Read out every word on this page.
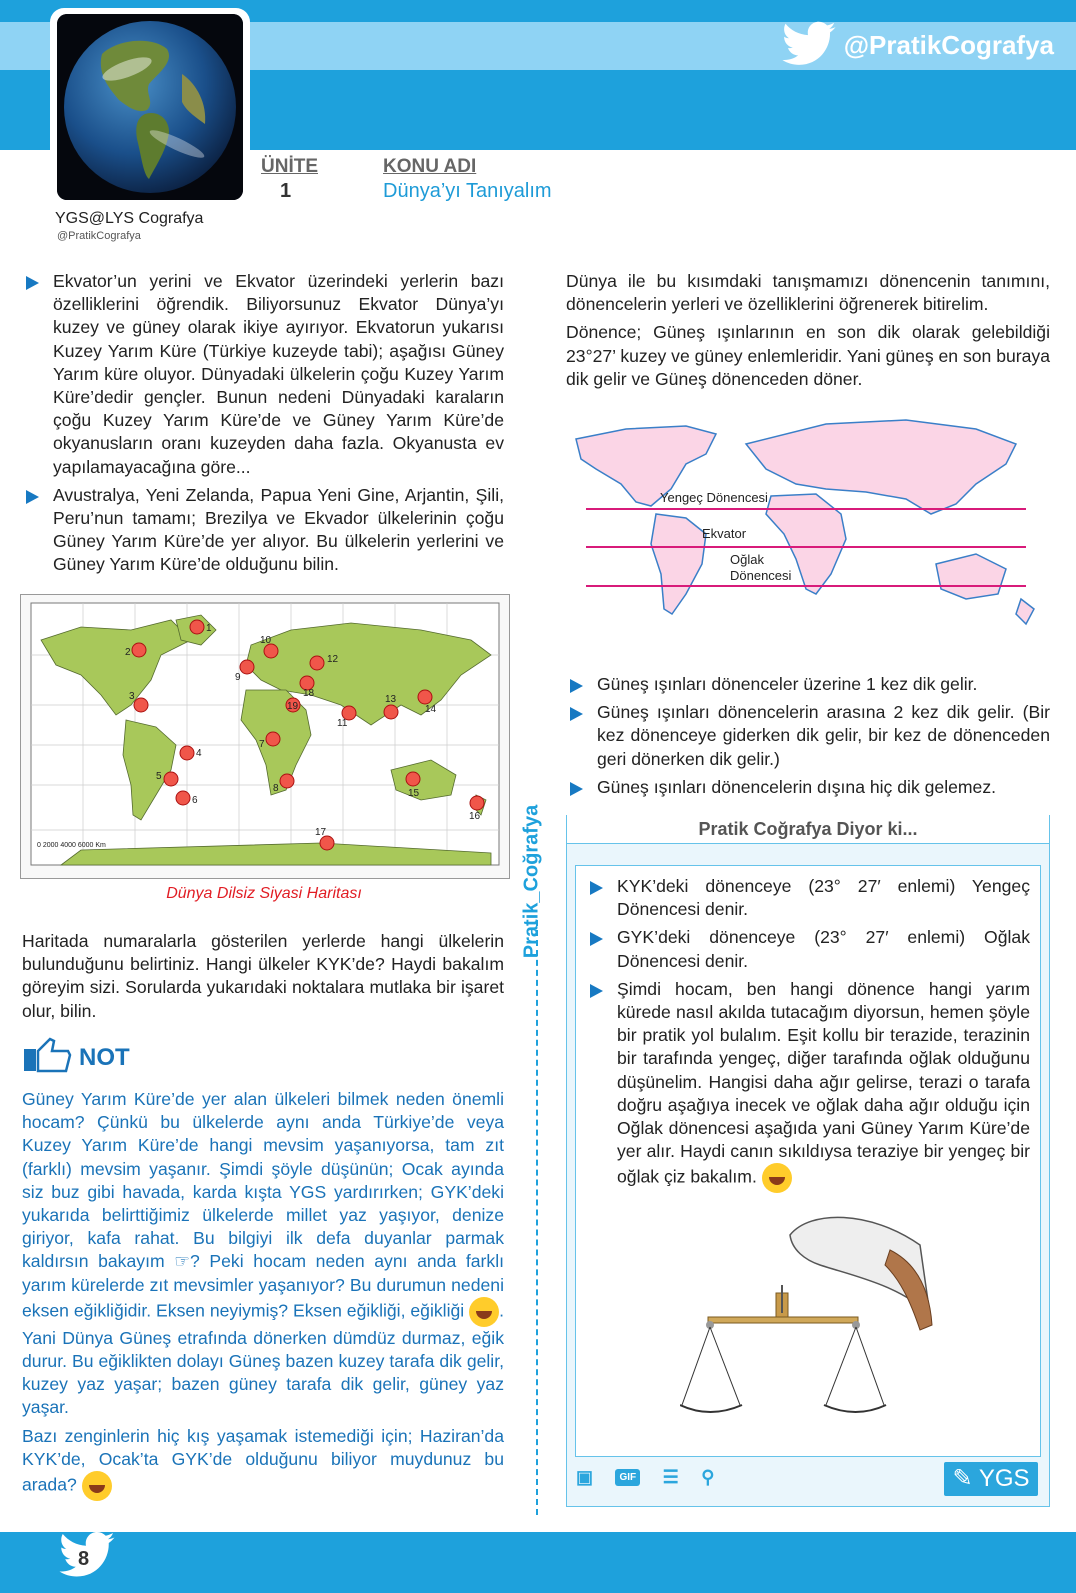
@PratikCografya
ÜNİTE
1
KONU ADI
Dünya’yı Tanıyalım
YGS@LYS Cografya
@PratikCografya
Ekvator’un yerini ve Ekvator üzerindeki yerlerin bazı özelliklerini öğrendik. Biliyorsunuz Ekvator Dünya’yı kuzey ve güney olarak ikiye ayırıyor. Ekvatorun yukarısı Kuzey Yarım Küre (Türkiye kuzeyde tabi); aşağısı Güney Yarım küre oluyor. Dünyadaki ülkelerin çoğu Kuzey Yarım Küre’dedir gençler. Bunun nedeni Dünyadaki karaların çoğu Kuzey Yarım Küre’de ve Güney Yarım Küre’de okyanusların oranı kuzeyden daha fazla. Okyanusta ev yapılamayacağına göre...
Avustralya, Yeni Zelanda, Papua Yeni Gine, Arjantin, Şili, Peru’nun tamamı; Brezilya ve Ekvador ülkelerinin çoğu Güney Yarım Küre’de yer alıyor. Bu ülkelerin yerlerini ve Güney Yarım Küre’de olduğunu bilin.
1
2
3
4
5
6
7
8
9
10
11
12
13
14
15
16
17
18
19
0 2000 4000 6000 Km
Dünya Dilsiz Siyasi Haritası

Haritada numaralarla gösterilen yerlerde hangi ülkelerin bulunduğunu belirtiniz. Hangi ülkeler KYK’de? Haydi bakalım göreyim sizi. Sorularda yukarıdaki noktalara mutlaka bir işaret olur, bilin.

NOT

Güney Yarım Küre’de yer alan ülkeleri bilmek neden önemli hocam? Çünkü bu ülkelerde aynı anda Türkiye’de veya Kuzey Yarım Küre’de hangi mevsim yaşanıyorsa, tam zıt (farklı) mevsim yaşanır. Şimdi şöyle düşünün; Ocak ayında siz buz gibi havada, karda kışta YGS yardırırken; GYK’deki yukarıda belirttiğimiz ülkelerde millet yaz yaşıyor, denize giriyor, kafa rahat. Bu bilgiyi ilk defa duyanlar parmak kaldırsın bakayım ☞? Peki hocam neden aynı anda farklı yarım kürelerde zıt mevsimler yaşanıyor? Bu durumun nedeni eksen eğikliğidir. Eksen neyiymiş? Eksen eğikliği, eğikliği . Yani Dünya Güneş etrafında dönerken dümdüz durmaz, eğik durur. Bu eğiklikten dolayı Güneş bazen kuzey tarafa dik gelir, kuzey yaz yaşar; bazen güney tarafa dik gelir, güney yaz yaşar.

Bazı zenginlerin hiç kış yaşamak istemediği için; Haziran’da KYK’de, Ocak’ta GYK’de olduğunu biliyor muydunuz bu arada?

Pratik_Coğrafya

Dünya ile bu kısımdaki tanışmamızı dönencenin tanımını, dönencelerin yerleri ve özelliklerini öğrenerek bitirelim.

Dönence; Güneş ışınlarının en son dik olarak gelebildiği 23°27’ kuzey ve güney enlemleridir. Yani güneş en son buraya dik gelir ve Güneş dönenceden döner.

Yengeç Dönencesi
Ekvator
Oğlak
Dönencesi
Güneş ışınları dönenceler üzerine 1 kez dik gelir.
Güneş ışınları dönencelerin arasına 2 kez dik gelir. (Bir kez dönenceye giderken dik gelir, bir kez de dönenceden geri dönerken dik gelir.)
Güneş ışınları dönencelerin dışına hiç dik gelemez.
Pratik Coğrafya Diyor ki...
KYK’deki dönenceye (23° 27′ enlemi) Yengeç Dönencesi denir.
GYK’deki dönenceye (23° 27′ enlemi) Oğlak Dönencesi denir.
Şimdi hocam, ben hangi dönence hangi yarım kürede nasıl akılda tutacağım diyorsun, hemen şöyle bir pratik yol bulalım. Eşit kollu bir terazide, terazinin bir tarafında yengeç, diğer tarafında oğlak olduğunu düşünelim. Hangisi daha ağır gelirse, terazi o tarafa doğru aşağıya inecek ve oğlak daha ağır olduğu için Oğlak dönencesi aşağıda yani Güney Yarım Küre’de yer alır. Haydi canın sıkıldıysa teraziye bir yengeç bir oğlak çiz bakalım.
▣	GIF ☰ ⚲	✎ YGS
8
